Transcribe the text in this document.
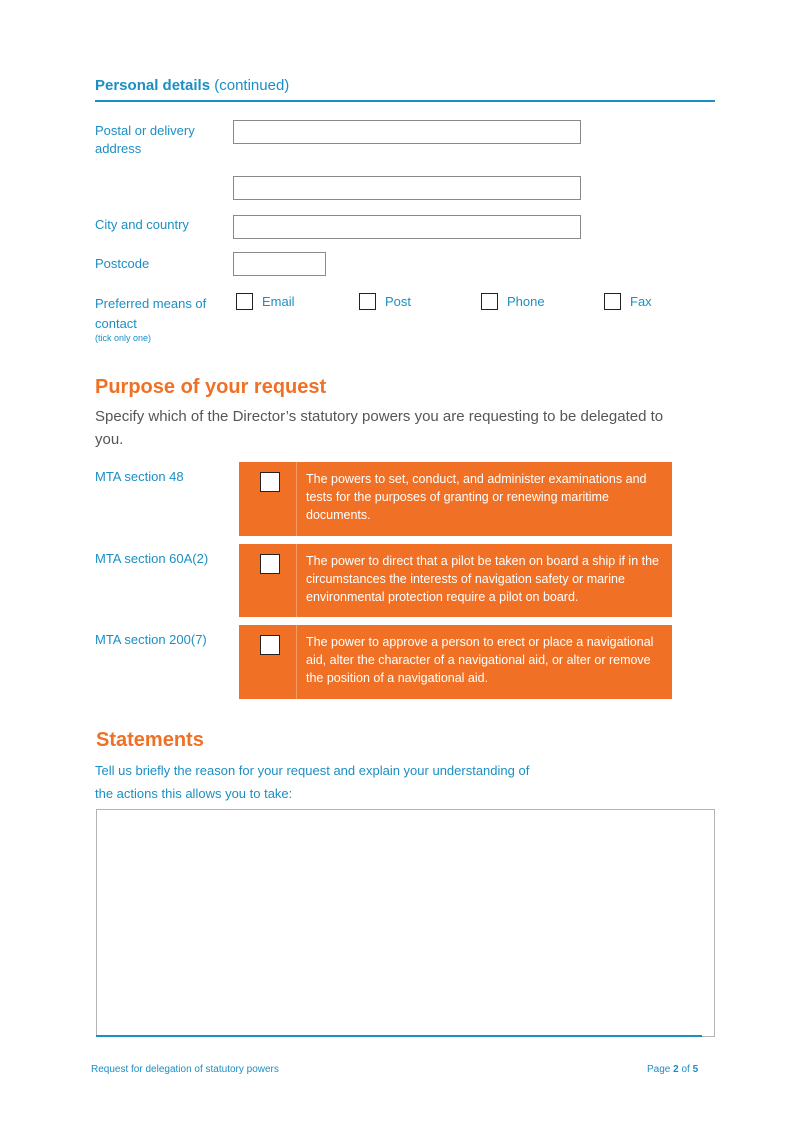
Personal details (continued)
Postal or delivery address
City and country
Postcode
Preferred means of contact
(tick only one)
Email	Post	Phone	Fax
Purpose of your request
Specify which of the Director’s statutory powers you are requesting to be delegated to you.
MTA section 48	The powers to set, conduct, and administer examinations and tests for the purposes of granting or renewing maritime documents.
MTA section 60A(2)	The power to direct that a pilot be taken on board a ship if in the circumstances the interests of navigation safety or marine environmental protection require a pilot on board.
MTA section 200(7)	The power to approve a person to erect or place a navigational aid, alter the character of a navigational aid, or alter or remove the position of a navigational aid.
Statements
Tell us briefly the reason for your request and explain your understanding of
the actions this allows you to take:
Request for delegation of statutory powers	Page 2 of 5
